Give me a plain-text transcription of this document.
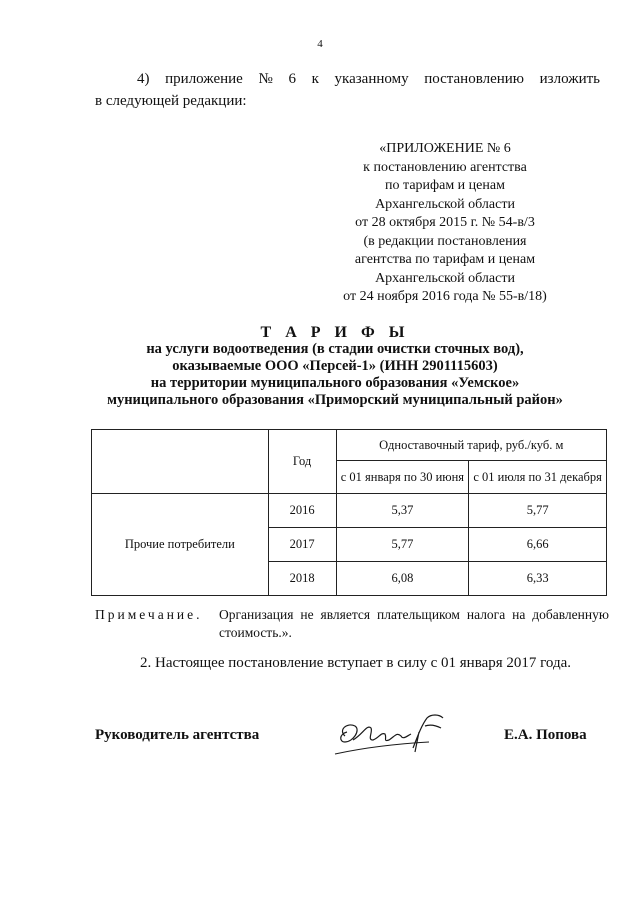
4
4) приложение № 6 к указанному постановлению изложить
в следующей редакции:
«ПРИЛОЖЕНИЕ № 6
к постановлению агентства
по тарифам и ценам
Архангельской области
от 28 октября 2015 г. № 54-в/3
(в редакции постановления
агентства по тарифам и ценам
Архангельской области
от 24 ноября 2016 года № 55-в/18)
Т А Р И Ф Ы
на услуги водоотведения (в стадии очистки сточных вод),
оказываемые ООО «Персей-1» (ИНН 2901115603)
на территории муниципального образования «Уемское»
муниципального образования «Приморский муниципальный район»
	Год	Одноставочный тариф, руб./куб. м	
		с 01 января по 30 июня	с 01 июля по 31 декабря
Прочие потребители	2016	5,37	5,77
	2017	5,77	6,66
	2018	6,08	6,33
Примечание. Организация не является плательщиком налога на добавленную
стоимость.».
2. Настоящее постановление вступает в силу с 01 января 2017 года.
Руководитель агентства	Е.А. Попова
